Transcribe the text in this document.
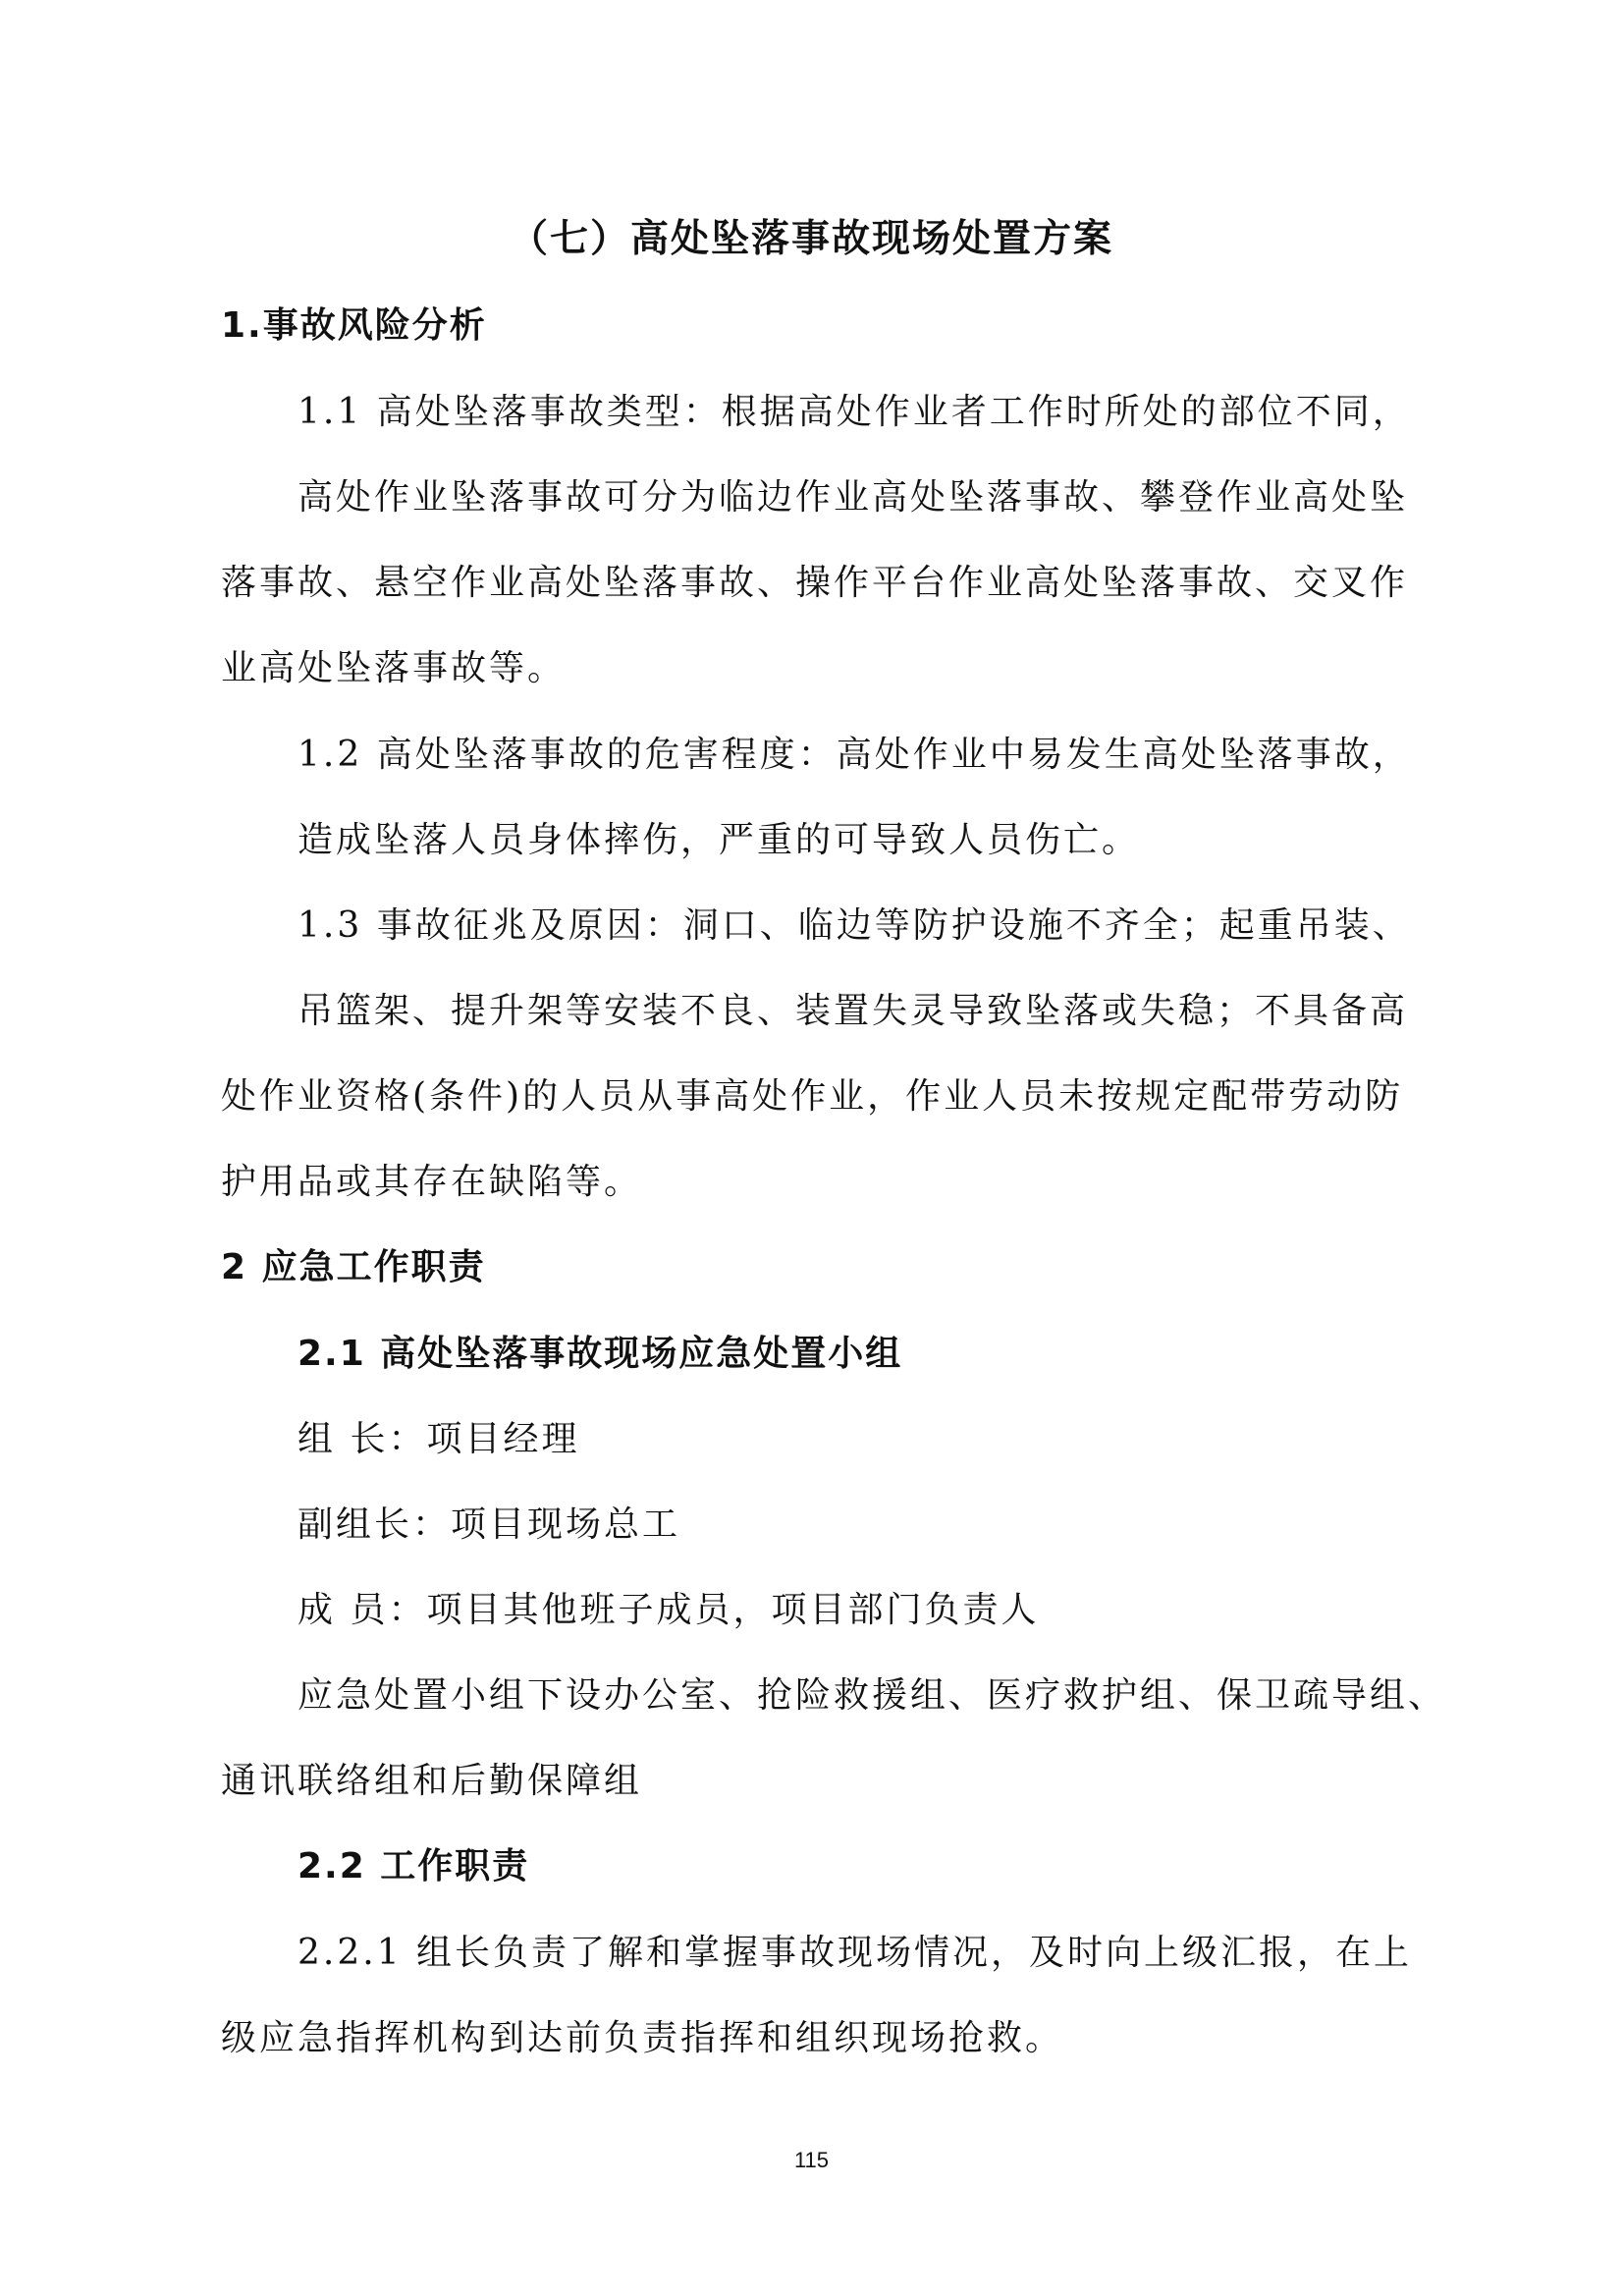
（七）高处坠落事故现场处置方案
1.事故风险分析
1.1 高处坠落事故类型：根据高处作业者工作时所处的部位不同，
高处作业坠落事故可分为临边作业高处坠落事故、攀登作业高处坠
落事故、悬空作业高处坠落事故、操作平台作业高处坠落事故、交叉作
业高处坠落事故等。
1.2 高处坠落事故的危害程度：高处作业中易发生高处坠落事故，
造成坠落人员身体摔伤，严重的可导致人员伤亡。
1.3 事故征兆及原因：洞口、临边等防护设施不齐全；起重吊装、
吊篮架、提升架等安装不良、装置失灵导致坠落或失稳；不具备高
处作业资格(条件)的人员从事高处作业，作业人员未按规定配带劳动防
护用品或其存在缺陷等。
2 应急工作职责
2.1 高处坠落事故现场应急处置小组
组 长：项目经理
副组长：项目现场总工
成 员：项目其他班子成员，项目部门负责人
应急处置小组下设办公室、抢险救援组、医疗救护组、保卫疏导组、
通讯联络组和后勤保障组
2.2 工作职责
2.2.1 组长负责了解和掌握事故现场情况，及时向上级汇报，在上
级应急指挥机构到达前负责指挥和组织现场抢救。
115
